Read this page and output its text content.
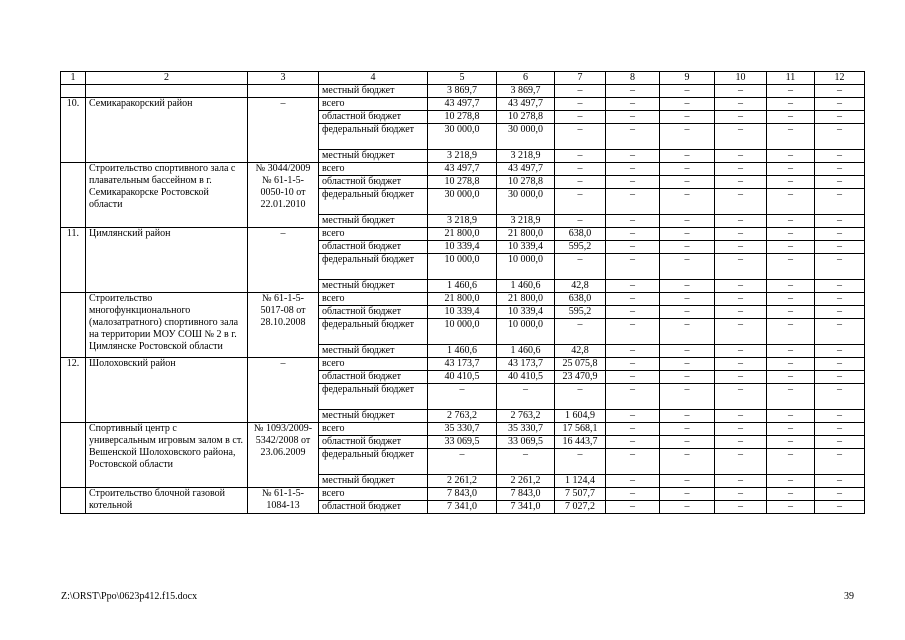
1	2	3	4	5	6	7	8	9	10	11	12
			местный бюджет	3 869,7	3 869,7	–	–	–	–	–	–
10.	Семикаракорский район	–	всего	43 497,7	43 497,7	–	–	–	–	–	–
			областной бюджет	10 278,8	10 278,8	–	–	–	–	–	–
			федеральный бюджет	30 000,0	30 000,0	–	–	–	–	–	–
			местный бюджет	3 218,9	3 218,9	–	–	–	–	–	–
	Строительство спортивного зала с плавательным бассейном в г. Семикаракорске Ростовской области	№ 3044/2009 № 61-1-5-0050-10 от 22.01.2010	всего	43 497,7	43 497,7	–	–	–	–	–	–
			областной бюджет	10 278,8	10 278,8	–	–	–	–	–	–
			федеральный бюджет	30 000,0	30 000,0	–	–	–	–	–	–
			местный бюджет	3 218,9	3 218,9	–	–	–	–	–	–
11.	Цимлянский район	–	всего	21 800,0	21 800,0	638,0	–	–	–	–	–
			областной бюджет	10 339,4	10 339,4	595,2	–	–	–	–	–
			федеральный бюджет	10 000,0	10 000,0	–	–	–	–	–	–
			местный бюджет	1 460,6	1 460,6	42,8	–	–	–	–	–
	Строительство многофункционального (малозатратного) спортивного зала на территории МОУ СОШ № 2 в г. Цимлянске Ростовской области	№ 61-1-5-5017-08 от 28.10.2008	всего	21 800,0	21 800,0	638,0	–	–	–	–	–
			областной бюджет	10 339,4	10 339,4	595,2	–	–	–	–	–
			федеральный бюджет	10 000,0	10 000,0	–	–	–	–	–	–
			местный бюджет	1 460,6	1 460,6	42,8	–	–	–	–	–
12.	Шолоховский район	–	всего	43 173,7	43 173,7	25 075,8	–	–	–	–	–
			областной бюджет	40 410,5	40 410,5	23 470,9	–	–	–	–	–
			федеральный бюджет	–	–	–	–	–	–	–	–
			местный бюджет	2 763,2	2 763,2	1 604,9	–	–	–	–	–
	Спортивный центр с универсальным игровым залом в ст. Вешенской Шолоховского района, Ростовской области	№ 1093/2009-5342/2008 от 23.06.2009	всего	35 330,7	35 330,7	17 568,1	–	–	–	–	–
			областной бюджет	33 069,5	33 069,5	16 443,7	–	–	–	–	–
			федеральный бюджет	–	–	–	–	–	–	–	–
			местный бюджет	2 261,2	2 261,2	1 124,4	–	–	–	–	–
	Строительство блочной газовой котельной	№ 61-1-5-1084-13	всего	7 843,0	7 843,0	7 507,7	–	–	–	–	–
			областной бюджет	7 341,0	7 341,0	7 027,2	–	–	–	–	–
Z:\ORST\Ppo\0623p412.f15.docx	39
